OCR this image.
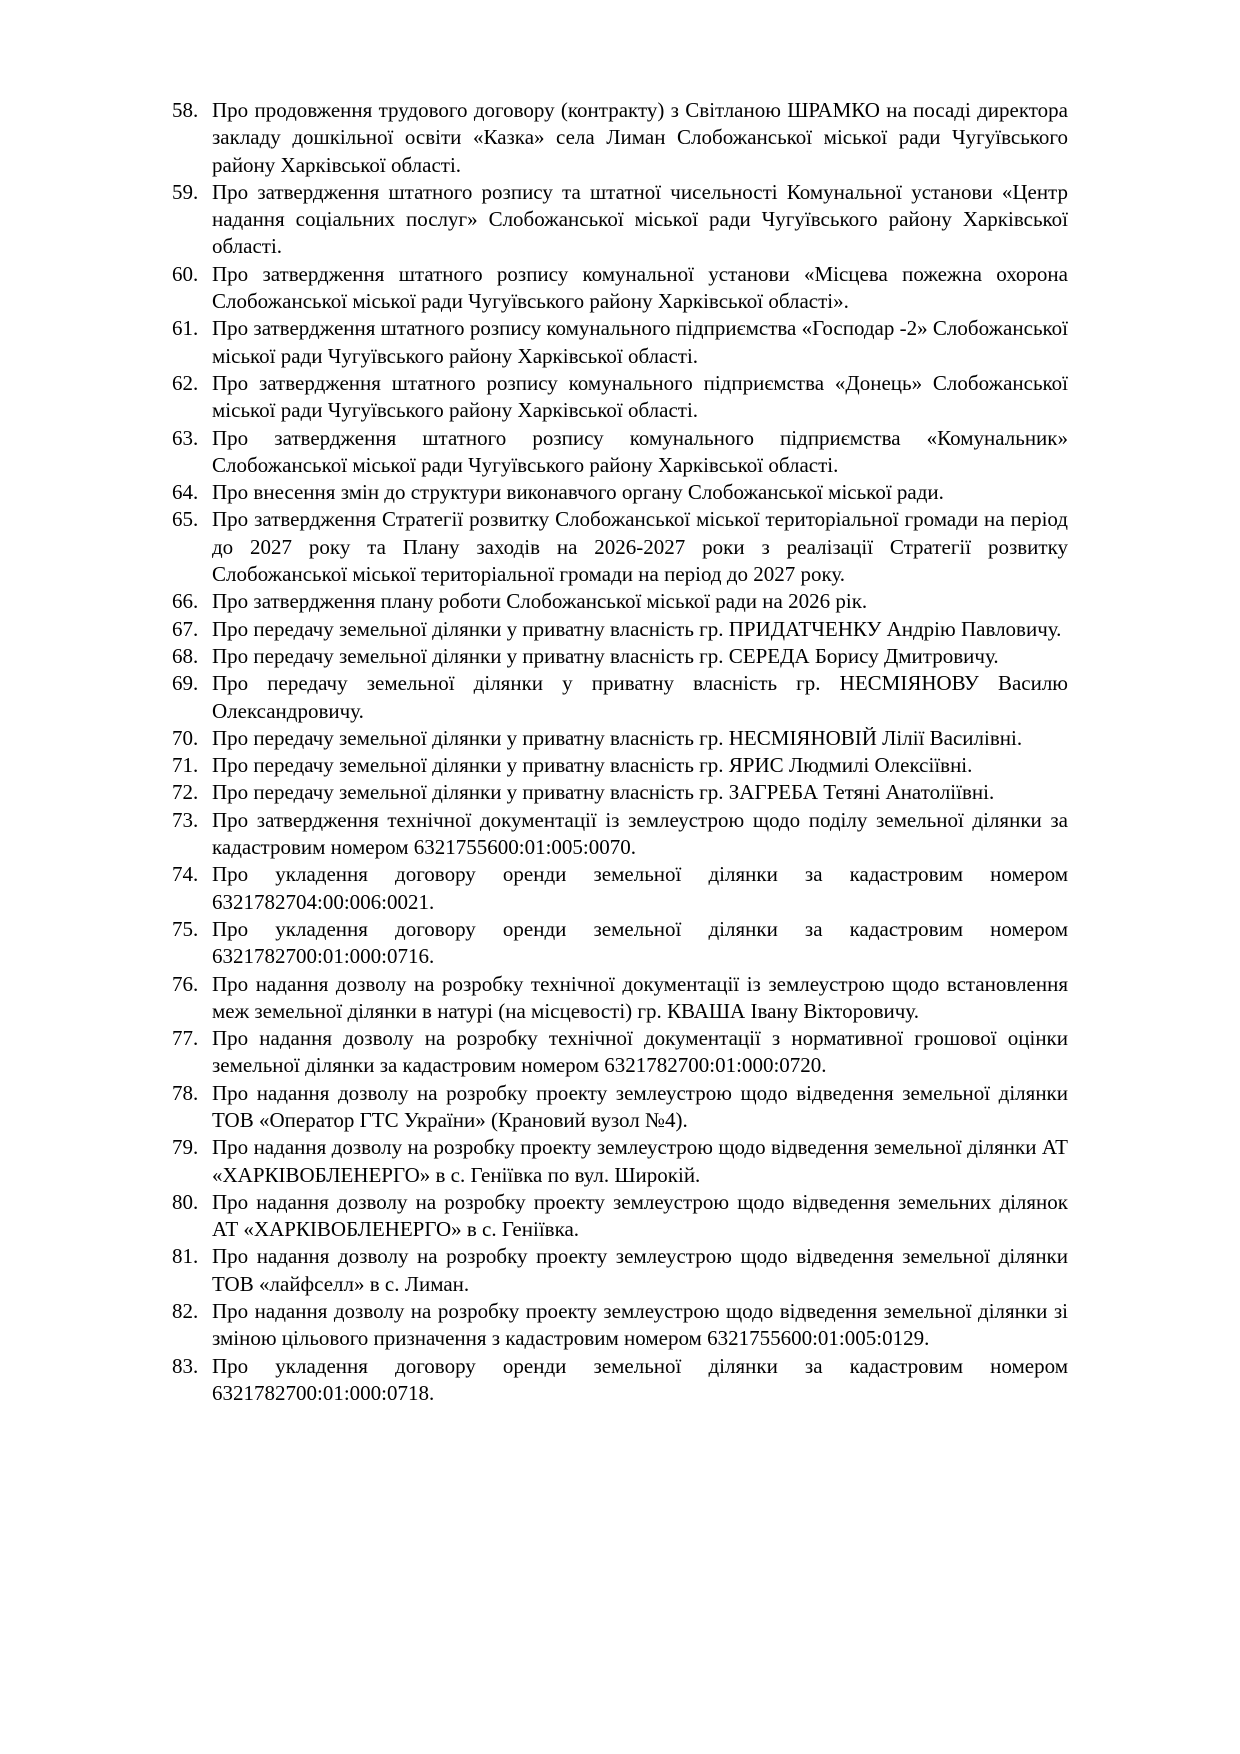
58. Про продовження трудового договору (контракту) з Світланою ШРАМКО на посаді директора закладу дошкільної освіти «Казка» села Лиман Слобожанської міської ради Чугуївського району Харківської області.
59. Про затвердження штатного розпису та штатної чисельності Комунальної установи «Центр надання соціальних послуг» Слобожанської міської ради Чугуївського району Харківської області.
60. Про затвердження штатного розпису комунальної установи «Місцева пожежна охорона Слобожанської міської ради Чугуївського району Харківської області».
61. Про затвердження штатного розпису комунального підприємства «Господар -2» Слобожанської міської ради Чугуївського району Харківської області.
62. Про затвердження штатного розпису комунального підприємства «Донець» Слобожанської міської ради Чугуївського району Харківської області.
63. Про затвердження штатного розпису комунального підприємства «Комунальник» Слобожанської міської ради Чугуївського району Харківської області.
64. Про внесення змін до структури виконавчого органу Слобожанської міської ради.
65. Про затвердження Стратегії розвитку Слобожанської міської територіальної громади на період до 2027 року та Плану заходів на 2026-2027 роки з реалізації Стратегії розвитку Слобожанської міської територіальної громади на період до 2027 року.
66. Про затвердження плану роботи Слобожанської міської ради на 2026 рік.
67. Про передачу земельної ділянки у приватну власність гр. ПРИДАТЧЕНКУ Андрію Павловичу.
68. Про передачу земельної ділянки у приватну власність гр. СЕРЕДА Борису Дмитровичу.
69. Про передачу земельної ділянки у приватну власність гр. НЕСМІЯНОВУ Василю Олександровичу.
70. Про передачу земельної ділянки у приватну власність гр. НЕСМІЯНОВІЙ Лілії Василівні.
71. Про передачу земельної ділянки у приватну власність гр. ЯРИС Людмилі Олексіївні.
72. Про передачу земельної ділянки у приватну власність гр. ЗАГРЕБА Тетяні Анатоліївні.
73. Про затвердження технічної документації із землеустрою щодо поділу земельної ділянки за кадастровим номером 6321755600:01:005:0070.
74. Про укладення договору оренди земельної ділянки за кадастровим номером 6321782704:00:006:0021.
75. Про укладення договору оренди земельної ділянки за кадастровим номером 6321782700:01:000:0716.
76. Про надання дозволу на розробку технічної документації із землеустрою щодо встановлення меж земельної ділянки в натурі (на місцевості) гр. КВАША Івану Вікторовичу.
77. Про надання дозволу на розробку технічної документації з нормативної грошової оцінки земельної ділянки за кадастровим номером 6321782700:01:000:0720.
78. Про надання дозволу на розробку проекту землеустрою щодо відведення земельної ділянки ТОВ «Оператор ГТС України» (Крановий вузол №4).
79. Про надання дозволу на розробку проекту землеустрою щодо відведення земельної ділянки АТ «ХАРКІВОБЛЕНЕРГО» в с. Геніївка по вул. Широкій.
80. Про надання дозволу на розробку проекту землеустрою щодо відведення земельних ділянок АТ «ХАРКІВОБЛЕНЕРГО» в с. Геніївка.
81. Про надання дозволу на розробку проекту землеустрою щодо відведення земельної ділянки ТОВ «лайфселл» в с. Лиман.
82. Про надання дозволу на розробку проекту землеустрою щодо відведення земельної ділянки зі зміною цільового призначення з кадастровим номером 6321755600:01:005:0129.
83. Про укладення договору оренди земельної ділянки за кадастровим номером 6321782700:01:000:0718.
